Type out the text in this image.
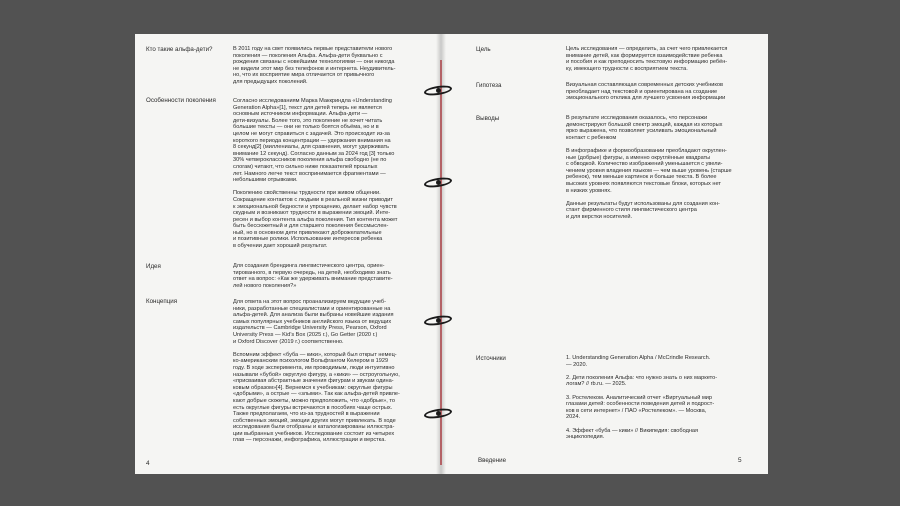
Кто такие альфа-дети?	В 2011 году на свет появились первые представители нового
поколения — поколения Альфа. Альфа-дети буквально с
рождения связаны с новейшими технологиями — они никогда
не видели этот мир без телефонов и интернета. Неудивитель-
но, что их восприятие мира отличается от привычного
для предыдущих поколений.
Особенности поколения	Согласно исследованиям Марка Маккриндла «Understanding
Generation Alpha»[1], текст для детей теперь не является
основным источником информации. Альфа-дети —
дети-визуалы. Более того, это поколение не хочет читать
большие тексты — они не только боятся объёма, но и в
целом не могут справиться с задачей. Это происходит из-за
короткого периода концентрации — удержания внимания на
8 секунд[2] (миллениалы, для сравнения, могут удерживать
внимание 12 секунд). Согласно данным за 2024 год [3] только
30% четвероклассников поколения альфа свободно (не по
слогам) читают, что сильно ниже показателей прошлых
лет. Намного легче текст воспринимается фрагментами —
небольшими отрывками.

Поколению свойственны трудности при живом общении.
Сокращение контактов с людьми в реальной жизни приводит
к эмоциональной бедности и упрощению, делает набор чувств
скудным и возникают трудности в выражении эмоций. Инте-
ресен и выбор контента альфа поколения. Тип контента может
быть бессюжетный и для старшего поколения бессмыслен-
ный, но в основном дети привлекают доброжелательные
и позитивные ролики. Использование интересов ребенка
в обучении дает хороший результат.
Идея	Для создания брендинга лингвистического центра, ориен-
тированного, в первую очередь, на детей, необходимо знать
ответ на вопрос: «Как же удерживать внимание представите-
лей нового поколения?»
Концепция	Для ответа на этот вопрос проанализируем ведущие учеб-
ники, разработанные специалистами и ориентированные на
альфа-детей. Для анализа были выбраны новейшие издания
самых популярных учебников английского языка от ведущих
издательств — Cambridge University Press, Pearson, Oxford
University Press — Kid’s Box (2025 г.), Go Getter (2020 г.)
и Oxford Discover (2019 г.) соответственно.

Вспомним эффект «буба — кики», который был открыт немец-
ко-американским психологом Вольфгангом Келером в 1929
году. В ходе эксперимента, им проводимым, люди интуитивно
называли «бубой» округлую фигуру, а «кики» — остроугольную,
«присваивая абстрактные значения фигурам и звукам одина-
ковым образом»[4]. Вернемся к учебникам: округлые фигуры
«добрыми», а острые — «злыми». Так как альфа-детей привле-
кают добрые сюжеты, можно предположить, что «добрые», то
есть округлые фигуры встречаются в пособиях чаще острых.
Также предполагаем, что из-за трудностей в выражении
собственных эмоций, эмоции других могут привлекать. В ходе
исследования были отобраны и каталогизированы иллюстра-
ции выбранных учебников. Исследование состоит из четырех
глав — персонажи, инфографика, иллюстрации и верстка.
4
Цель	Цель исследования — определить, за счет чего привлекается
внимание детей, как формируется взаимодействие ребенка
и пособия и как преподносить текстовую информацию ребён-
ку, имеющего трудности с восприятием текста.
Гипотеза	Визуальная составляющая современных детских учебников
преобладает над текстовой и ориентирована на создание
эмоционального отклика для лучшего усвоения информации
Выводы	В результате исследования оказалось, что персонажи
демонстрируют большой спектр эмоций, каждая из которых
ярко выражена, что позволяет усиливать эмоциональный
контакт с ребенком

В инфографике и формообразовании преобладают округлен-
ные (добрые) фигуры, а именно округлённые квадраты
с обводкой. Количество изображений уменьшается с увели-
чением уровня владения языком — чем выше уровень (старше
ребенок), тем меньше картинок и больше текста. В более
высоких уровнях появляются текстовые блоки, которых нет
в низких уровнях.

Данные результаты будут использованы для создания кон-
стант фирменного стиля лингвистического центра
и для верстки носителей.
Источники	1. Understanding Generation Alpha / McCrindle Research.
— 2020.

2. Дети поколения Альфа: что нужно знать о них маркето-
логам? // rb.ru. — 2025.

3. Ростелеком. Аналитический отчет «Виртуальный мир
глазами детей: особенности поведения детей и подрост-
ков в сети интернет» / ПАО «Ростелеком». — Москва,
2024.

4. Эффект «буба — кики» // Википедия: свободная
энциклопедия.
Введение	5
